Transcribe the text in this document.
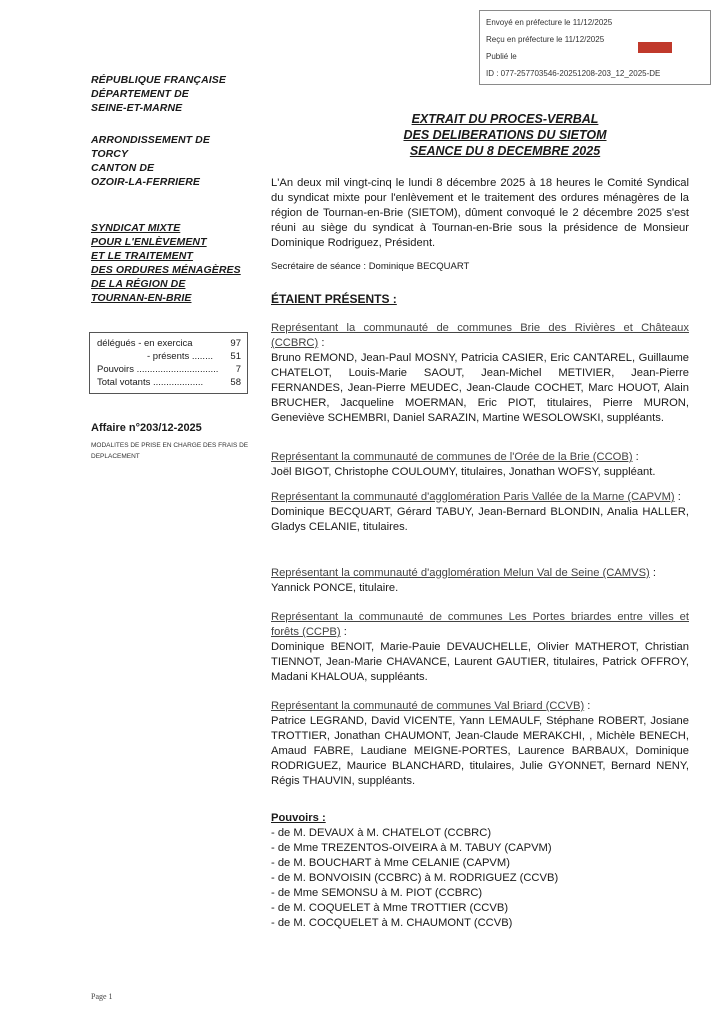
Envoyé en préfecture le 11/12/2025
Reçu en préfecture le 11/12/2025
Publié le
ID : 077-257703546-20251208-203_12_2025-DE
RÉPUBLIQUE FRANÇAISE
DÉPARTEMENT DE
SEINE-ET-MARNE
ARRONDISSEMENT DE
TORCY
CANTON DE
OZOIR-LA-FERRIERE
SYNDICAT MIXTE
POUR L'ENLÈVEMENT
ET LE TRAITEMENT
DES ORDURES MÉNAGÈRES
DE LA RÉGION DE
TOURNAN-EN-BRIE
délégués - en exercica	97
- présents ........ 51
Pouvoirs ............................... 7
Total votants ...................	58
Affaire n°203/12-2025
MODALITES DE PRISE EN CHARGE DES FRAIS DE DEPLACEMENT
EXTRAIT DU PROCES-VERBAL
DES DELIBERATIONS DU SIETOM
SEANCE DU 8 DECEMBRE 2025
L'An deux mil vingt-cinq le lundi 8 décembre 2025 à 18 heures le Comité Syndical du syndicat mixte pour l'enlèvement et le traitement des ordures ménagères de la région de Tournan-en-Brie (SIETOM), dûment convoqué le 2 décembre 2025 s'est réuni au siège du syndicat à Tournan-en-Brie sous la présidence de Monsieur Dominique Rodriguez, Président.
Secrétaire de séance : Dominique BECQUART
ÉTAIENT PRÉSENTS :
Représentant la communauté de communes Brie des Rivières et Châteaux (CCBRC) :
Bruno REMOND, Jean-Paul MOSNY, Patricia CASIER, Eric CANTAREL, Guillaume CHATELOT, Louis-Marie SAOUT, Jean-Michel METIVIER, Jean-Pierre FERNANDES, Jean-Pierre MEUDEC, Jean-Claude COCHET, Marc HOUOT, Alain BRUCHER, Jacqueline MOERMAN, Eric PIOT, titulaires, Pierre MURON, Geneviève SCHEMBRI, Daniel SARAZIN, Martine WESOLOWSKI, suppléants.
Représentant la communauté de communes de l'Orée de la Brie (CCOB) :
Joël BIGOT, Christophe COULOUMY, titulaires, Jonathan WOFSY, suppléant.
Représentant la communauté d'agglomération Paris Vallée de la Marne (CAPVM) :
Dominique BECQUART, Gérard TABUY, Jean-Bernard BLONDIN, Analia HALLER, Gladys CELANIE, titulaires.
Représentant la communauté d'agglomération Melun Val de Seine (CAMVS) :
Yannick PONCE, titulaire.
Représentant la communauté de communes Les Portes briardes entre villes et forêts (CCPB) :
Dominique BENOIT, Marie-Pauie DEVAUCHELLE, Olivier MATHEROT, Christian TIENNOT, Jean-Marie CHAVANCE, Laurent GAUTIER, titulaires, Patrick OFFROY, Madani KHALOUA, suppléants.
Représentant la communauté de communes Val Briard (CCVB) :
Patrice LEGRAND, David VICENTE, Yann LEMAULF, Stéphane ROBERT, Josiane TROTTIER, Jonathan CHAUMONT, Jean-Claude MERAKCHI, , Michèle BENECH, Amaud FABRE, Laudiane MEIGNE-PORTES, Laurence BARBAUX, Dominique RODRIGUEZ, Maurice BLANCHARD, titulaires, Julie GYONNET, Bernard NENY, Régis THAUVIN, suppléants.
Pouvoirs :
- de M. DEVAUX à M. CHATELOT (CCBRC)
- de Mme TREZENTOS-OIVEIRA à M. TABUY (CAPVM)
- de M. BOUCHART à Mme CELANIE (CAPVM)
- de M. BONVOISIN (CCBRC) à M. RODRIGUEZ (CCVB)
- de Mme SEMONSU à M. PIOT (CCBRC)
- de M. COQUELET à Mme TROTTIER (CCVB)
- de M. COCQUELET à M. CHAUMONT (CCVB)
Page 1
